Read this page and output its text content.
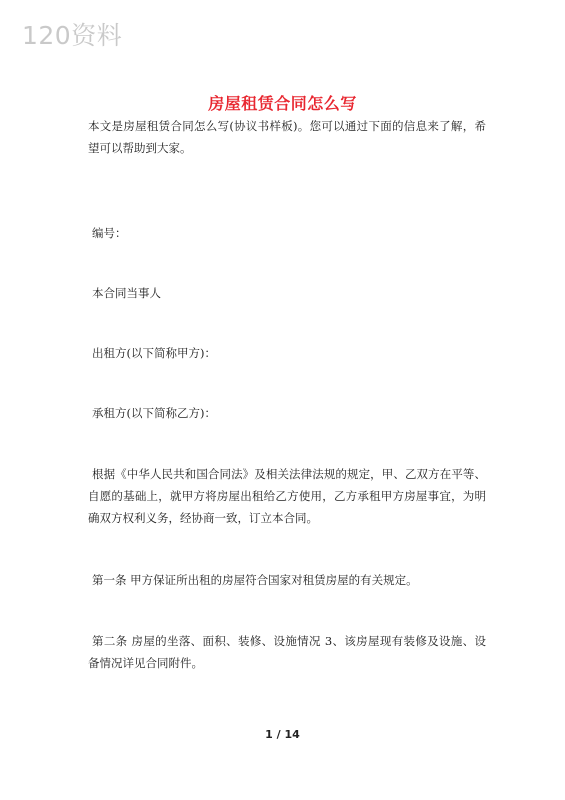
120资料
房屋租赁合同怎么写

本文是房屋租赁合同怎么写(协议书样板)。您可以通过下面的信息来了解，希望可以帮助到大家。

编号：

本合同当事人

出租方(以下简称甲方)：

承租方(以下简称乙方)：

根据《中华人民共和国合同法》及相关法律法规的规定，甲、乙双方在平等、自愿的基础上，就甲方将房屋出租给乙方使用，乙方承租甲方房屋事宜，为明确双方权利义务，经协商一致，订立本合同。

第一条 甲方保证所出租的房屋符合国家对租赁房屋的有关规定。

第二条 房屋的坐落、面积、装修、设施情况 3、该房屋现有装修及设施、设备情况详见合同附件。

1 / 14
